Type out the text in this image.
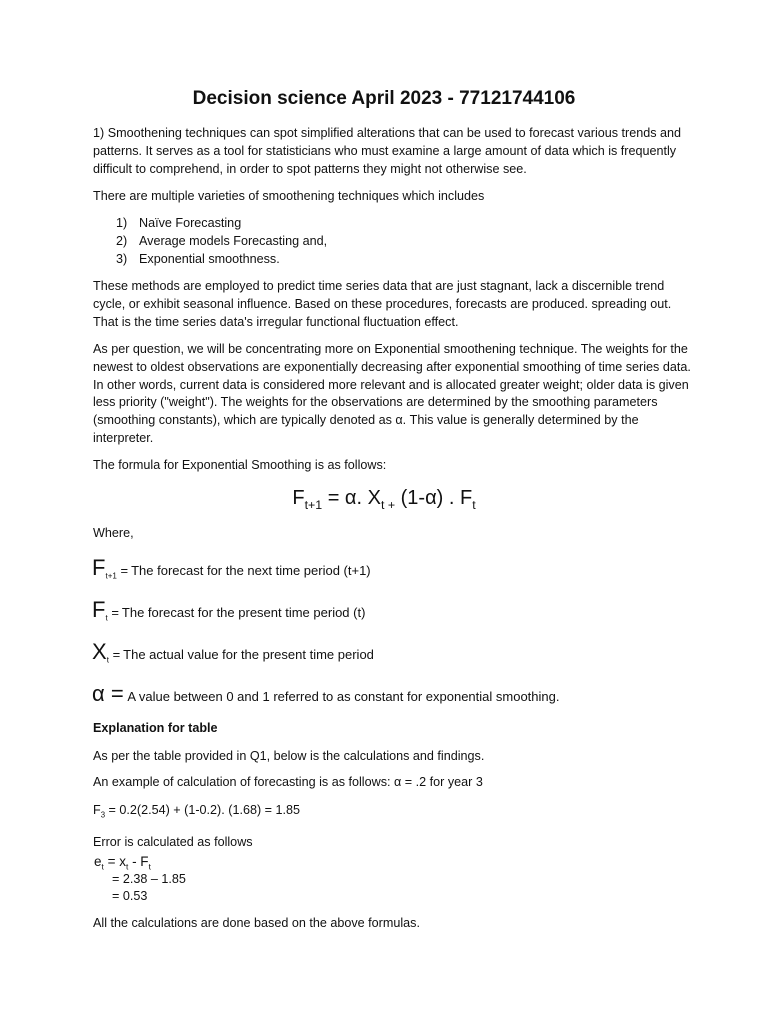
Decision science April 2023 - 77121744106

1) Smoothening techniques can spot simplified alterations that can be used to forecast various trends and patterns. It serves as a tool for statisticians who must examine a large amount of data which is frequently difficult to comprehend, in order to spot patterns they might not otherwise see.

There are multiple varieties of smoothening techniques which includes

1) Naïve Forecasting
2) Average models Forecasting and,
3) Exponential smoothness.

These methods are employed to predict time series data that are just stagnant, lack a discernible trend cycle, or exhibit seasonal influence. Based on these procedures, forecasts are produced. spreading out. That is the time series data's irregular functional fluctuation effect.

As per question, we will be concentrating more on Exponential smoothening technique. The weights for the newest to oldest observations are exponentially decreasing after exponential smoothing of time series data. In other words, current data is considered more relevant and is allocated greater weight; older data is given less priority ("weight"). The weights for the observations are determined by the smoothing parameters (smoothing constants), which are typically denoted as α. This value is generally determined by the interpreter.

The formula for Exponential Smoothing is as follows:

$F_{t+1} = \alpha$. $X_{t +}$ (1-α) . $F_t$

Where,

$F_{t+1}$ = The forecast for the next time period (t+1)
$F_t$ = The forecast for the present time period (t)
$X_t$ = The actual value for the present time period
α = A value between 0 and 1 referred to as constant for exponential smoothing.

Explanation for table

As per the table provided in Q1, below is the calculations and findings.

An example of calculation of forecasting is as follows: α = .2 for year 3

$F_3 = 0.2(2.54) + (1-0.2)$. (1.68) = 1.85

Error is calculated as follows

$e_t = x_t - F_t$
= 2.38 – 1.85
= 0.53

All the calculations are done based on the above formulas.
